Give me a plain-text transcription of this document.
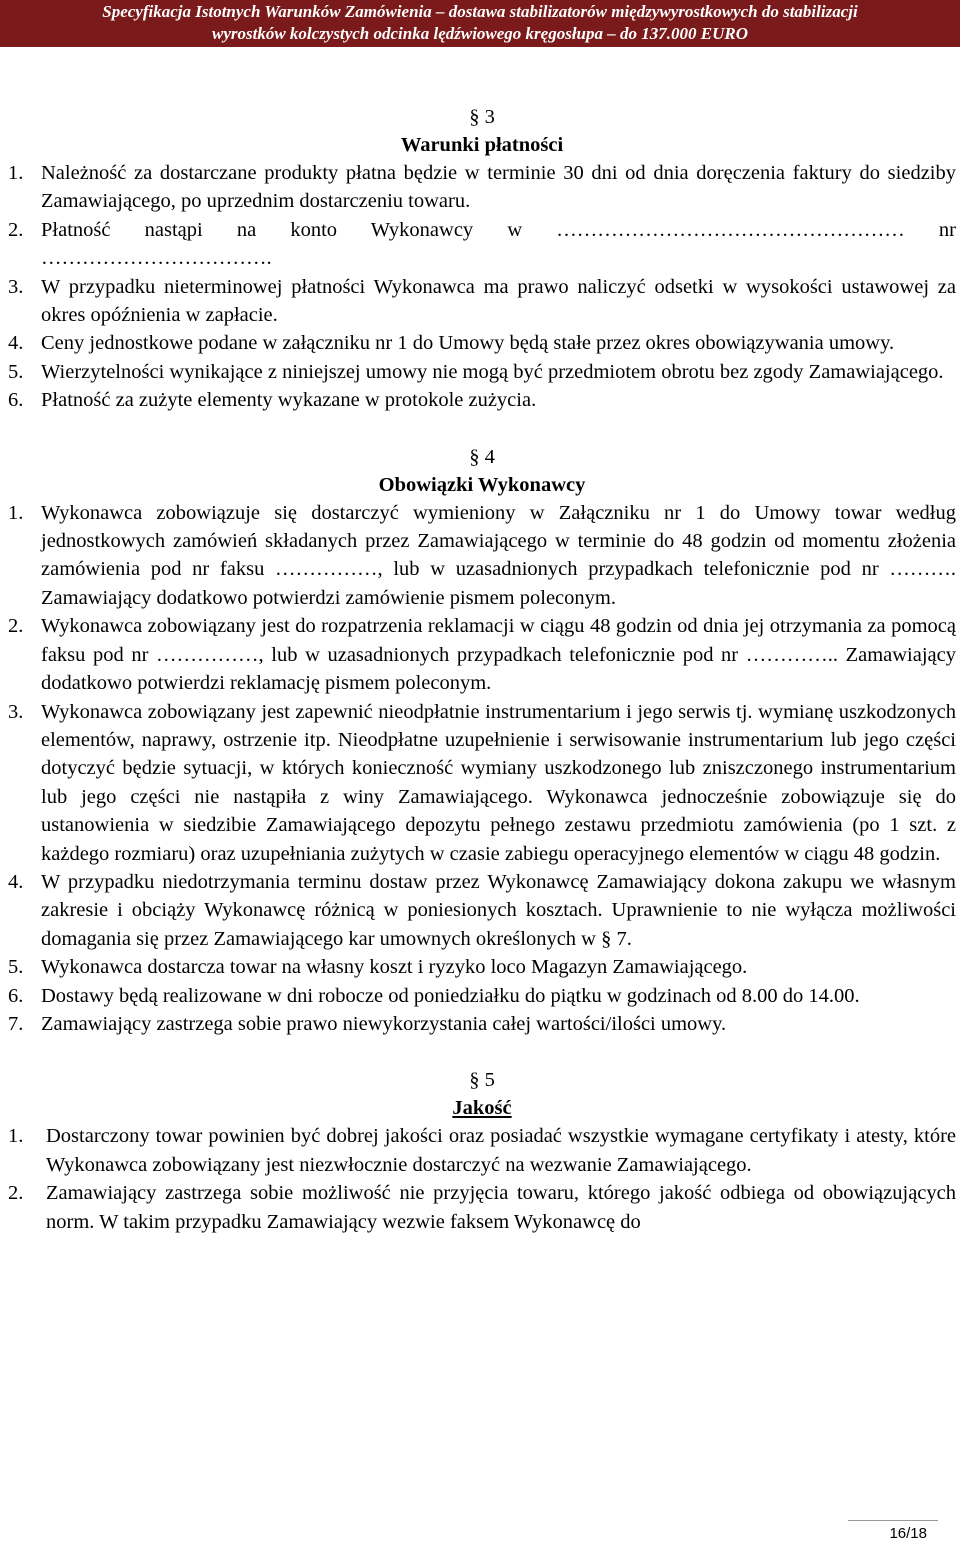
Specyfikacja Istotnych Warunków Zamówienia – dostawa stabilizatorów międzywyrostkowych do stabilizacji
wyrostków kolczystych odcinka lędźwiowego kręgosłupa – do 137.000 EURO
§ 3
Warunki płatności
1. Należność za dostarczane produkty płatna będzie w terminie 30 dni od dnia doręczenia faktury do siedziby Zamawiającego, po uprzednim dostarczeniu towaru.
2. Płatność nastąpi na konto Wykonawcy w …………………………………………… nr …………………………….
3. W przypadku nieterminowej płatności Wykonawca ma prawo naliczyć odsetki w wysokości ustawowej za okres opóźnienia w zapłacie.
4. Ceny jednostkowe podane w załączniku nr 1 do Umowy będą stałe przez okres obowiązywania umowy.
5. Wierzytelności wynikające z niniejszej umowy nie mogą być przedmiotem obrotu bez zgody Zamawiającego.
6. Płatność za zużyte elementy wykazane w protokole zużycia.
§ 4
Obowiązki Wykonawcy
1. Wykonawca zobowiązuje się dostarczyć wymieniony w Załączniku nr 1 do Umowy towar według jednostkowych zamówień składanych przez Zamawiającego w terminie do 48 godzin od momentu złożenia zamówienia pod nr faksu ……………, lub w uzasadnionych przypadkach telefonicznie pod nr ………. Zamawiający dodatkowo potwierdzi zamówienie pismem poleconym.
2. Wykonawca zobowiązany jest do rozpatrzenia reklamacji w ciągu 48 godzin od dnia jej otrzymania za pomocą faksu pod nr ……………, lub w uzasadnionych przypadkach telefonicznie pod nr ………….. Zamawiający dodatkowo potwierdzi reklamację pismem poleconym.
3. Wykonawca zobowiązany jest zapewnić nieodpłatnie instrumentarium i jego serwis tj. wymianę uszkodzonych elementów, naprawy, ostrzenie itp. Nieodpłatne uzupełnienie i serwisowanie instrumentarium lub jego części dotyczyć będzie sytuacji, w których konieczność wymiany uszkodzonego lub zniszczonego instrumentarium lub jego części nie nastąpiła z winy Zamawiającego. Wykonawca jednocześnie zobowiązuje się do ustanowienia w siedzibie Zamawiającego depozytu pełnego zestawu przedmiotu zamówienia (po 1 szt. z każdego rozmiaru) oraz uzupełniania zużytych w czasie zabiegu operacyjnego elementów w ciągu 48 godzin.
4. W przypadku niedotrzymania terminu dostaw przez Wykonawcę Zamawiający dokona zakupu we własnym zakresie i obciąży Wykonawcę różnicą w poniesionych kosztach. Uprawnienie to nie wyłącza możliwości domagania się przez Zamawiającego kar umownych określonych w § 7.
5. Wykonawca dostarcza towar na własny koszt i ryzyko loco Magazyn Zamawiającego.
6. Dostawy będą realizowane w dni robocze od poniedziałku do piątku w godzinach od 8.00 do 14.00.
7. Zamawiający zastrzega sobie prawo niewykorzystania całej wartości/ilości umowy.
§ 5
Jakość
1. Dostarczony towar powinien być dobrej jakości oraz posiadać wszystkie wymagane certyfikaty i atesty, które Wykonawca zobowiązany jest niezwłocznie dostarczyć na wezwanie Zamawiającego.
2. Zamawiający zastrzega sobie możliwość nie przyjęcia towaru, którego jakość odbiega od obowiązujących norm. W takim przypadku Zamawiający wezwie faksem Wykonawcę do
16/18
